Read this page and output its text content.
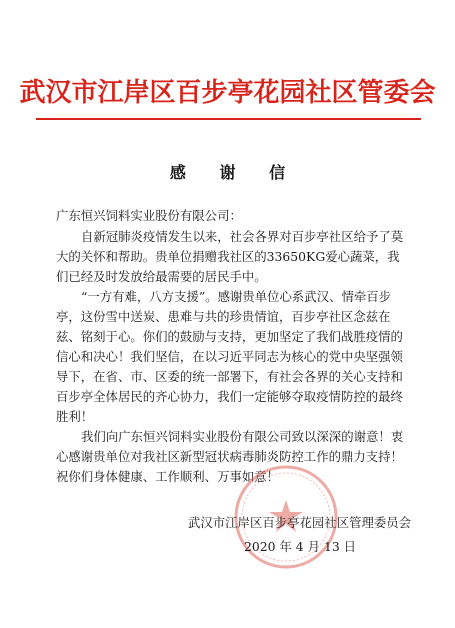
武汉市江岸区百步亭花园社区管委会
感 谢 信

广东恒兴饲料实业股份有限公司：

自新冠肺炎疫情发生以来，社会各界对百步亭社区给予了莫大的关怀和帮助。贵单位捐赠我社区的33650KG爱心蔬菜，我们已经及时发放给最需要的居民手中。

“一方有难，八方支援”。感谢贵单位心系武汉、情牵百步亭，这份雪中送炭、患难与共的珍贵情谊，百步亭社区念兹在兹、铭刻于心。你们的鼓励与支持，更加坚定了我们战胜疫情的信心和决心！我们坚信，在以习近平同志为核心的党中央坚强领导下，在省、市、区委的统一部署下，有社会各界的关心支持和百步亭全体居民的齐心协力，我们一定能够夺取疫情防控的最终胜利！

我们向广东恒兴饲料实业股份有限公司致以深深的谢意！衷心感谢贵单位对我社区新型冠状病毒肺炎防控工作的鼎力支持！祝你们身体健康、工作顺利、万事如意！

武汉市江岸区百步亭花园社区管理委员会
2020 年 4 月 13 日
